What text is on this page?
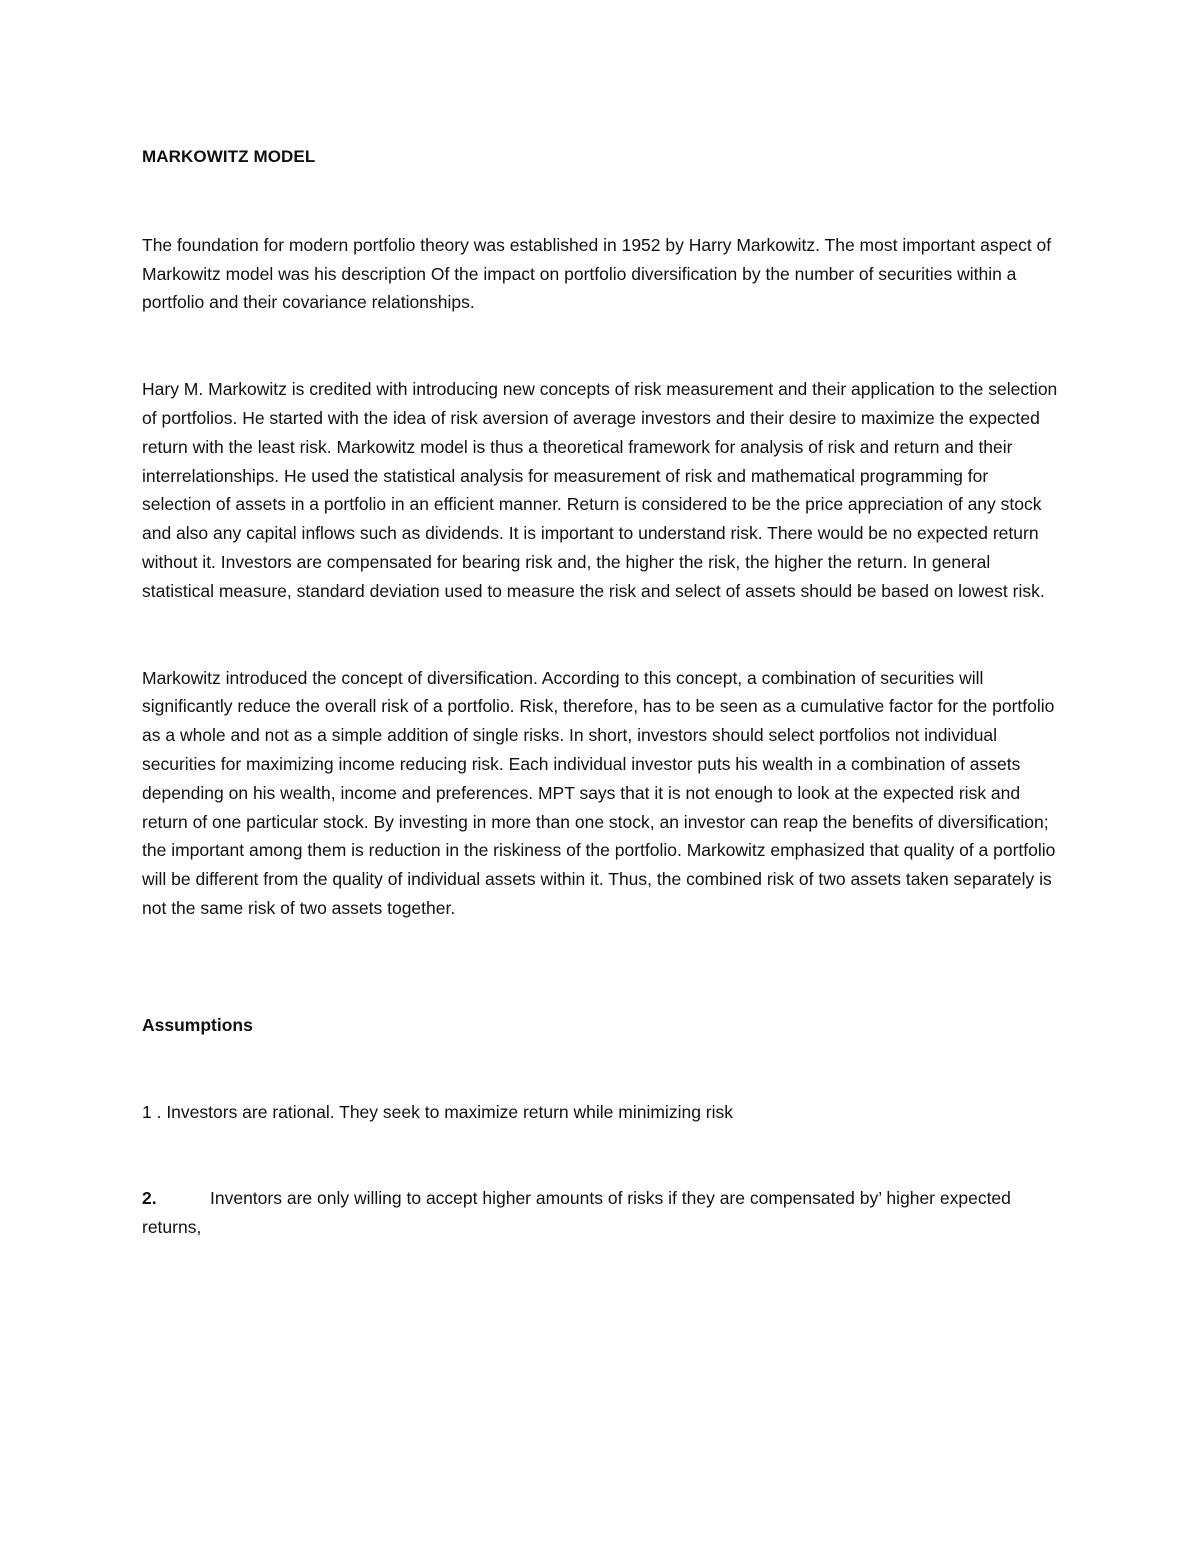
MARKOWITZ MODEL

The foundation for modern portfolio theory was established in 1952 by Harry Markowitz. The most important aspect of Markowitz model was his description Of the impact on portfolio diversification by the number of securities within a portfolio and their covariance relationships.

Hary M. Markowitz is credited with introducing new concepts of risk measurement and their application to the selection of portfolios. He started with the idea of risk aversion of average investors and their desire to maximize the expected return with the least risk. Markowitz model is thus a theoretical framework for analysis of risk and return and their interrelationships. He used the statistical analysis for measurement of risk and mathematical programming for selection of assets in a portfolio in an efficient manner. Return is considered to be the price appreciation of any stock and also any capital inflows such as dividends. It is important to understand risk. There would be no expected return without it. Investors are compensated for bearing risk and, the higher the risk, the higher the return. In general statistical measure, standard deviation used to measure the risk and select of assets should be based on lowest risk.

Markowitz introduced the concept of diversification. According to this concept, a combination of securities will significantly reduce the overall risk of a portfolio. Risk, therefore, has to be seen as a cumulative factor for the portfolio as a whole and not as a simple addition of single risks. In short, investors should select portfolios not individual securities for maximizing income reducing risk. Each individual investor puts his wealth in a combination of assets depending on his wealth, income and preferences. MPT says that it is not enough to look at the expected risk and return of one particular stock. By investing in more than one stock, an investor can reap the benefits of diversification; the important among them is reduction in the riskiness of the portfolio. Markowitz emphasized that quality of a portfolio will be different from the quality of individual assets within it. Thus, the combined risk of two assets taken separately is not the same risk of two assets together.

Assumptions

1 . Investors are rational. They seek to maximize return while minimizing risk

2.	Inventors are only willing to accept higher amounts of risks if they are compensated by’ higher expected returns,
